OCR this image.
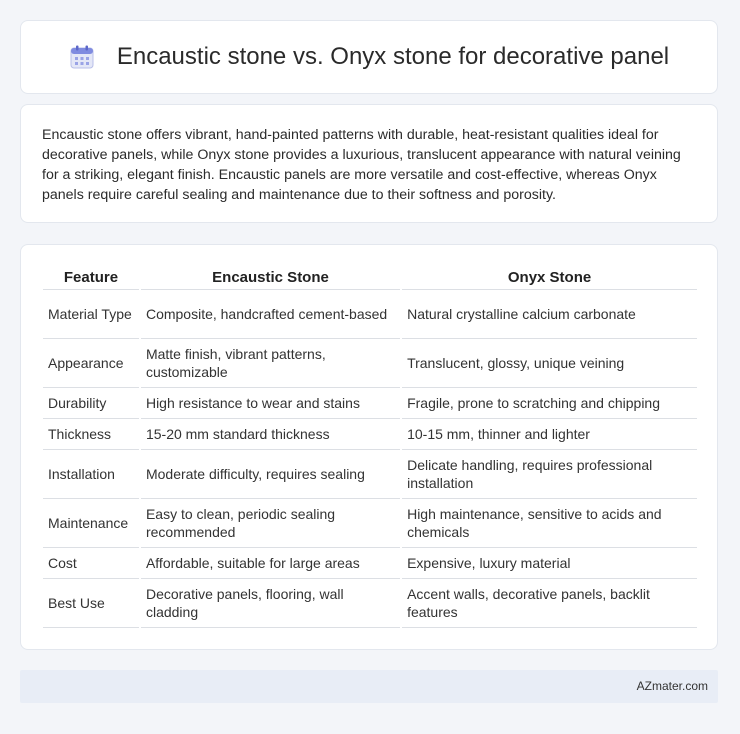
Encaustic stone vs. Onyx stone for decorative panel

Encaustic stone offers vibrant, hand-painted patterns with durable, heat-resistant qualities ideal for decorative panels, while Onyx stone provides a luxurious, translucent appearance with natural veining for a striking, elegant finish. Encaustic panels are more versatile and cost-effective, whereas Onyx panels require careful sealing and maintenance due to their softness and porosity.

Feature	Encaustic Stone	Onyx Stone
Material Type	Composite, handcrafted cement-based	Natural crystalline calcium carbonate
Appearance	Matte finish, vibrant patterns, customizable	Translucent, glossy, unique veining
Durability	High resistance to wear and stains	Fragile, prone to scratching and chipping
Thickness	15-20 mm standard thickness	10-15 mm, thinner and lighter
Installation	Moderate difficulty, requires sealing	Delicate handling, requires professional installation
Maintenance	Easy to clean, periodic sealing recommended	High maintenance, sensitive to acids and chemicals
Cost	Affordable, suitable for large areas	Expensive, luxury material
Best Use	Decorative panels, flooring, wall cladding	Accent walls, decorative panels, backlit features
AZmater.com
